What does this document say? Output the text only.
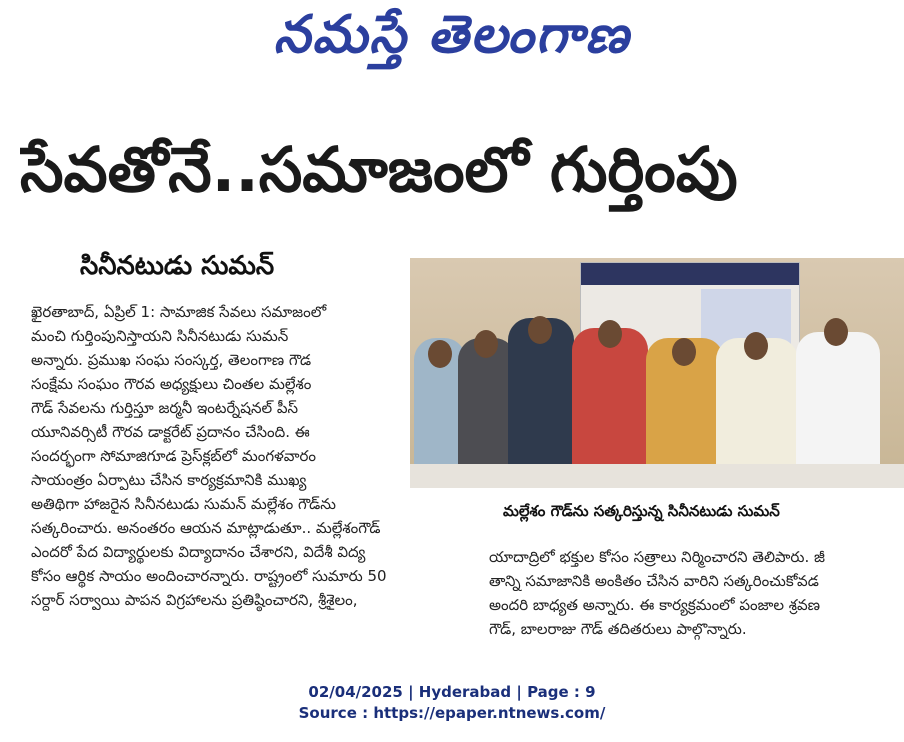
నమస్తే తెలంగాణ
సేవతోనే..సమాజంలో గుర్తింపు
సినీనటుడు సుమన్

ఖైరతాబాద్, ఏప్రిల్ 1: సామాజిక సేవలు సమాజంలో

మంచి గుర్తింపునిస్తాయని సినీనటుడు సుమన్

అన్నారు. ప్రముఖ సంఘ సంస్కర్త, తెలంగాణ గౌడ

సంక్షేమ సంఘం గౌరవ అధ్యక్షులు చింతల మల్లేశం

గౌడ్ సేవలను గుర్తిస్తూ జర్మనీ ఇంటర్నేషనల్ పీస్

యూనివర్సిటీ గౌరవ డాక్టరేట్ ప్రదానం చేసింది. ఈ

సందర్భంగా సోమాజిగూడ ప్రెస్‌క్లబ్‌లో మంగళవారం

సాయంత్రం ఏర్పాటు చేసిన కార్యక్రమానికి ముఖ్య

అతిథిగా హాజరైన సినీనటుడు సుమన్ మల్లేశం గౌడ్‌ను

సత్కరించారు. అనంతరం ఆయన మాట్లాడుతూ.. మల్లేశంగౌడ్

ఎందరో పేద విద్యార్థులకు విద్యాదానం చేశారని, విదేశీ విద్య

కోసం ఆర్థిక సాయం అందించారన్నారు. రాష్ట్రంలో సుమారు 50

సర్దార్ సర్వాయి పాపన విగ్రహాలను ప్రతిష్ఠించారని, శ్రీశైలం,

మల్లేశం గౌడ్‌ను సత్కరిస్తున్న సినీనటుడు సుమన్

యాదాద్రిలో భక్తుల కోసం సత్రాలు నిర్మించారని తెలిపారు. జీ

తాన్ని సమాజానికి అంకితం చేసిన వారిని సత్కరించుకోవడ

అందరి బాధ్యత అన్నారు. ఈ కార్యక్రమంలో పంజాల శ్రవణ

గౌడ్, బాలరాజు గౌడ్ తదితరులు పాల్గొన్నారు.

02/04/2025 | Hyderabad | Page : 9
Source : https://epaper.ntnews.com/
